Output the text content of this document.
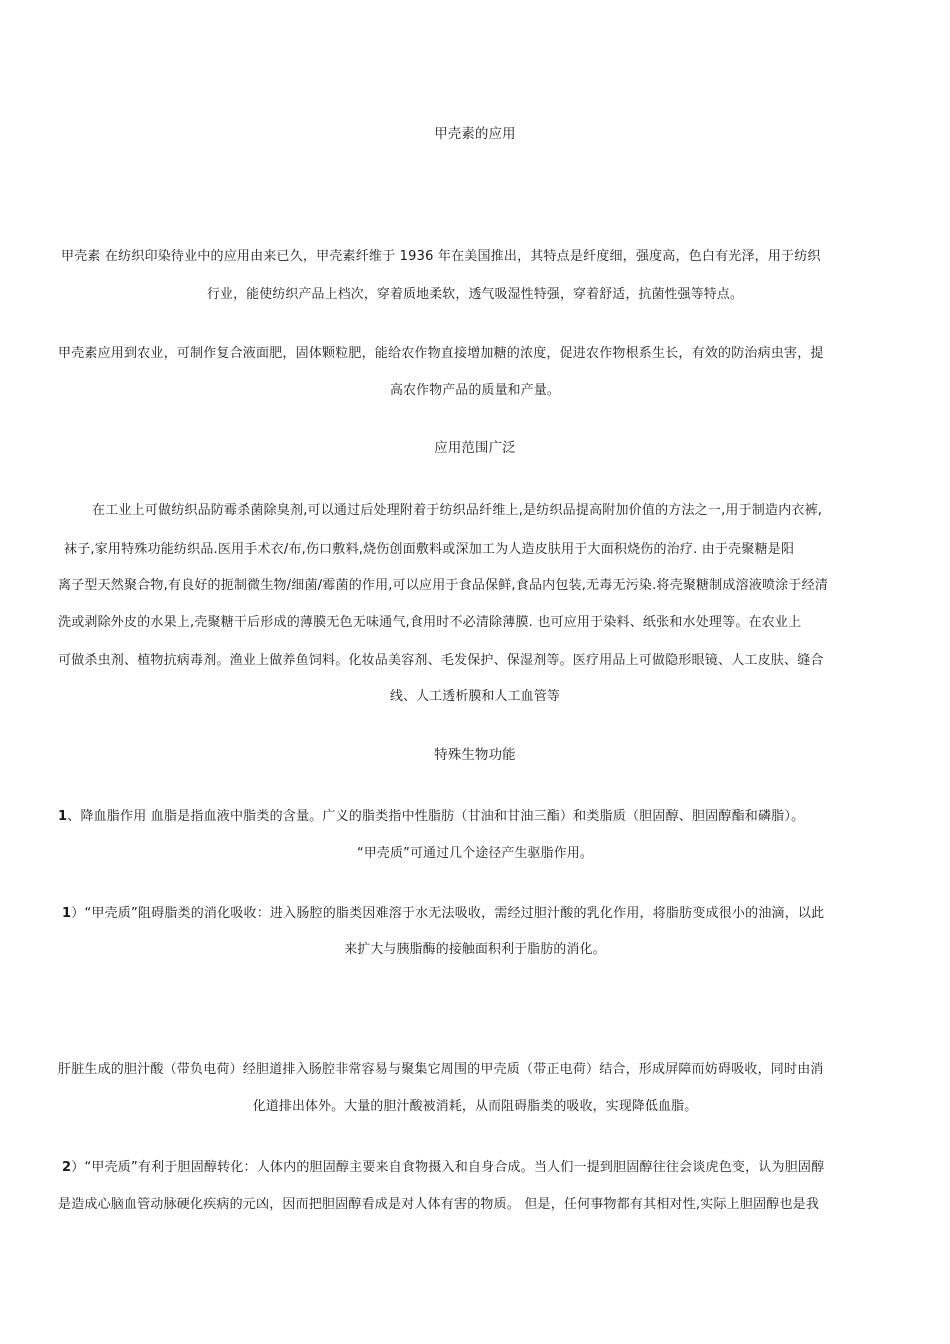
甲壳素的应用
甲壳素 在纺织印染待业中的应用由来已久，甲壳素纤维于 1936 年在美国推出，其特点是纤度细，强度高，色白有光泽，用于纺织
行业，能使纺织产品上档次，穿着质地柔软，透气吸湿性特强，穿着舒适，抗菌性强等特点。
甲壳素应用到农业，可制作复合液面肥，固体颗粒肥，能给农作物直接增加糖的浓度，促进农作物根系生长，有效的防治病虫害，提
高农作物产品的质量和产量。
应用范围广泛
在工业上可做纺织品防霉杀菌除臭剂,可以通过后处理附着于纺织品纤维上,是纺织品提高附加价值的方法之一,用于制造内衣裤,
袜子,家用特殊功能纺织品.医用手术衣/布,伤口敷料,烧伤创面敷料或深加工为人造皮肤用于大面积烧伤的治疗. 由于壳聚糖是阳
离子型天然聚合物,有良好的扼制微生物/细菌/霉菌的作用,可以应用于食品保鲜,食品内包装,无毒无污染.将壳聚糖制成溶液喷涂于经清
洗或剥除外皮的水果上,壳聚糖干后形成的薄膜无色无味通气,食用时不必清除薄膜. 也可应用于染料、纸张和水处理等。在农业上
可做杀虫剂、植物抗病毒剂。渔业上做养鱼饲料。化妆品美容剂、毛发保护、保湿剂等。医疗用品上可做隐形眼镜、人工皮肤、缝合
线、人工透析膜和人工血管等
特殊生物功能
1、降血脂作用 血脂是指血液中脂类的含量。广义的脂类指中性脂肪（甘油和甘油三酯）和类脂质（胆固醇、胆固醇酯和磷脂）。
“甲壳质”可通过几个途径产生驱脂作用。
1）“甲壳质”阻碍脂类的消化吸收：进入肠腔的脂类因难溶于水无法吸收，需经过胆汁酸的乳化作用，将脂肪变成很小的油滴，以此
来扩大与胰脂酶的接触面积利于脂肪的消化。
肝脏生成的胆汁酸（带负电荷）经胆道排入肠腔非常容易与聚集它周围的甲壳质（带正电荷）结合，形成屏障而妨碍吸收，同时由消
化道排出体外。大量的胆汁酸被消耗，从而阻碍脂类的吸收，实现降低血脂。
2）“甲壳质”有利于胆固醇转化：人体内的胆固醇主要来自食物摄入和自身合成。当人们一提到胆固醇往往会谈虎色变，认为胆固醇
是造成心脑血管动脉硬化疾病的元凶，因而把胆固醇看成是对人体有害的物质。 但是，任何事物都有其相对性,实际上胆固醇也是我
